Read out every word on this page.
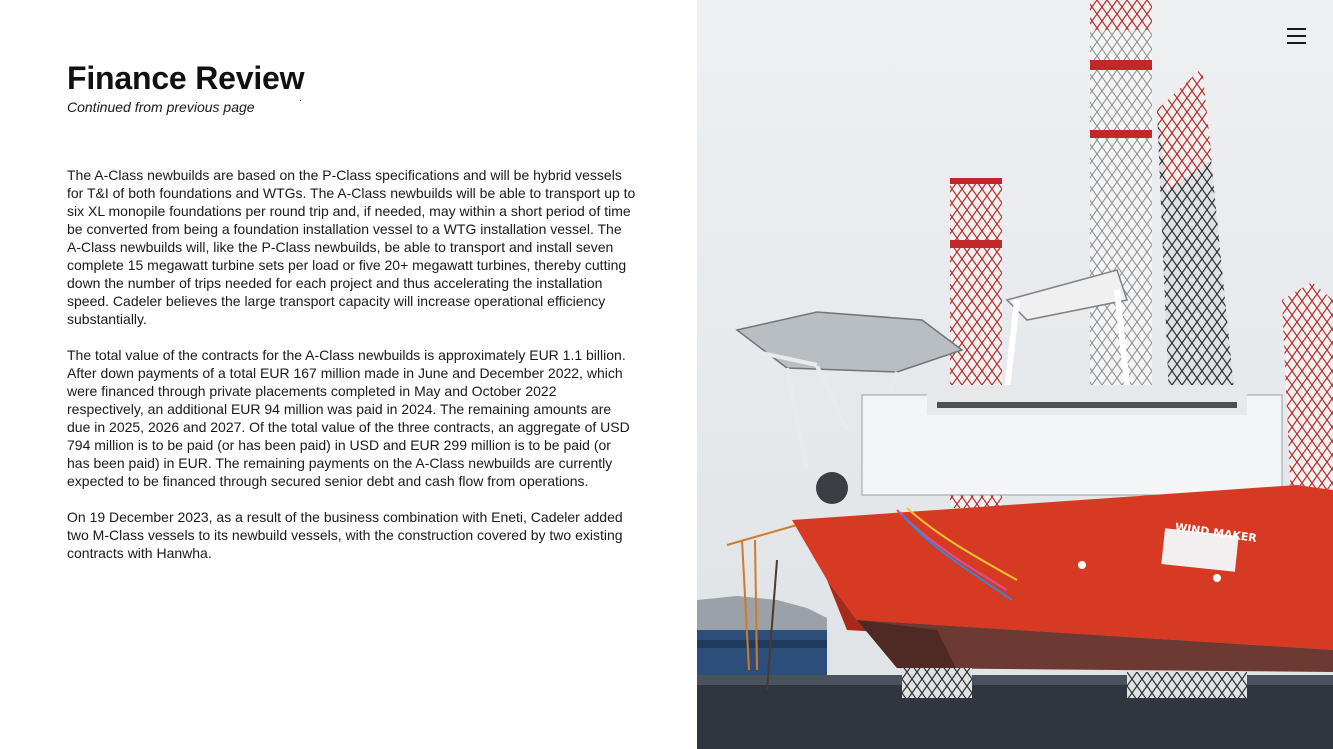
Finance Review

Continued from previous page

The A-Class newbuilds are based on the P-Class specifications and will be hybrid vessels for T&I of both foundations and WTGs. The A-Class newbuilds will be able to transport up to six XL monopile foundations per round trip and, if needed, may within a short period of time be converted from being a foundation installation vessel to a WTG installation vessel. The A-Class newbuilds will, like the P-Class newbuilds, be able to transport and install seven complete 15 megawatt turbine sets per load or five 20+ megawatt turbines, thereby cutting down the number of trips needed for each project and thus accelerating the installation speed. Cadeler believes the large transport capacity will increase operational efficiency substantially.

The total value of the contracts for the A-Class newbuilds is approximately EUR 1.1 billion. After down payments of a total EUR 167 million made in June and December 2022, which were financed through private placements completed in May and October 2022 respectively, an additional EUR 94 million was paid in 2024. The remaining amounts are due in 2025, 2026 and 2027. Of the total value of the three contracts, an aggregate of USD 794 million is to be paid (or has been paid) in USD and EUR 299 million is to be paid (or has been paid) in EUR. The remaining payments on the A-Class newbuilds are currently expected to be financed through secured senior debt and cash flow from operations.

On 19 December 2023, as a result of the business combination with Eneti, Cadeler added two M-Class vessels to its newbuild vessels, with the construction covered by two existing contracts with Hanwha.

WIND MAKER
